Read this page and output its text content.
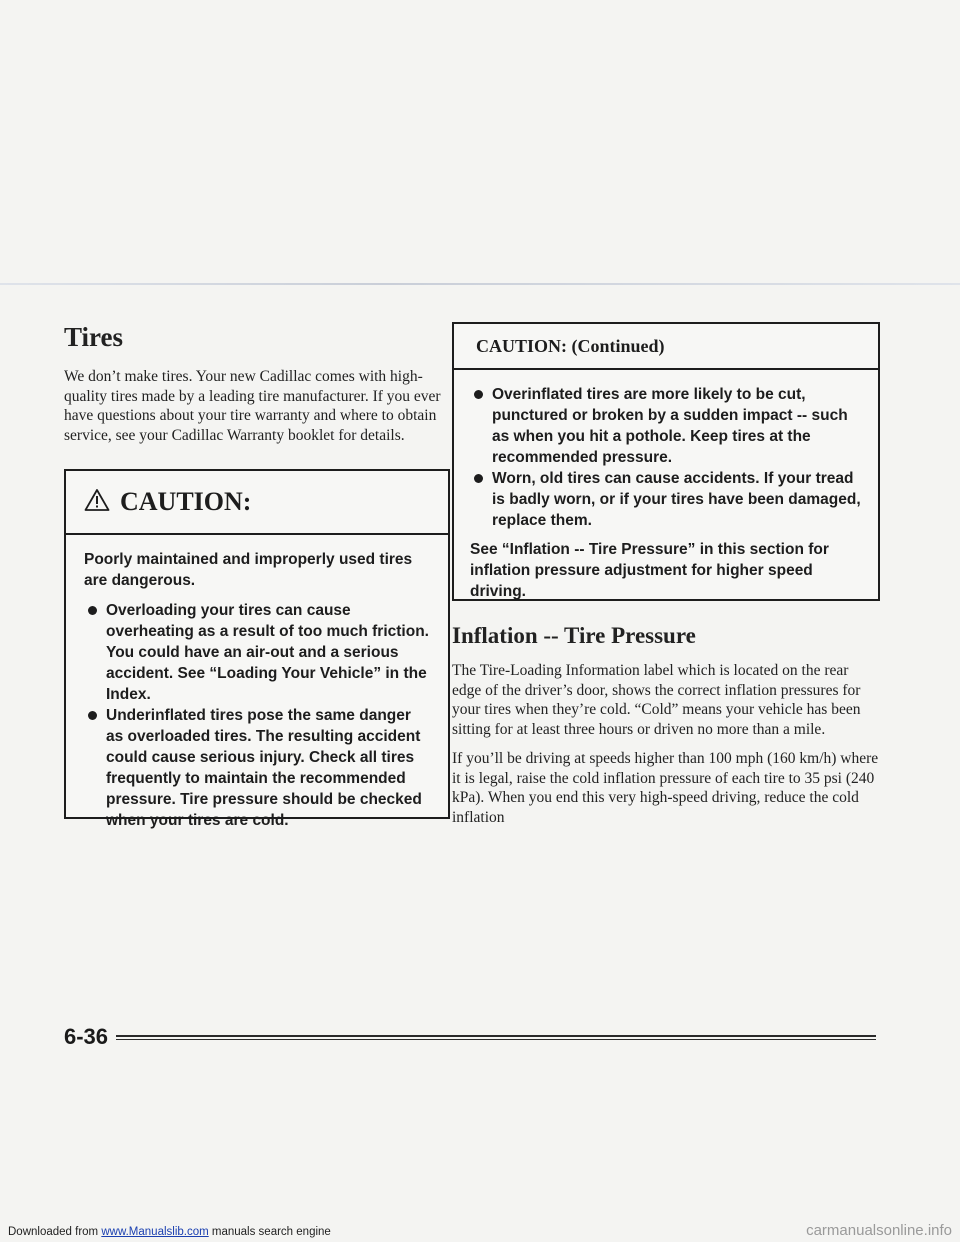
Tires

We don’t make tires. Your new Cadillac comes with high-quality tires made by a leading tire manufacturer. If you ever have questions about your tire warranty and where to obtain service, see your Cadillac Warranty booklet for details.

CAUTION:

Poorly maintained and improperly used tires are dangerous.

Overloading your tires can cause overheating as a result of too much friction. You could have an air-out and a serious accident. See “Loading Your Vehicle” in the Index.
Underinflated tires pose the same danger as overloaded tires. The resulting accident could cause serious injury. Check all tires frequently to maintain the recommended pressure. Tire pressure should be checked when your tires are cold.
CAUTION: (Continued)
Overinflated tires are more likely to be cut, punctured or broken by a sudden impact -- such as when you hit a pothole. Keep tires at the recommended pressure.
Worn, old tires can cause accidents. If your tread is badly worn, or if your tires have been damaged, replace them.

See “Inflation -- Tire Pressure” in this section for inflation pressure adjustment for higher speed driving.

Inflation -- Tire Pressure

The Tire-Loading Information label which is located on the rear edge of the driver’s door, shows the correct inflation pressures for your tires when they’re cold. “Cold” means your vehicle has been sitting for at least three hours or driven no more than a mile.

If you’ll be driving at speeds higher than 100 mph (160 km/h) where it is legal, raise the cold inflation pressure of each tire to 35 psi (240 kPa). When you end this very high-speed driving, reduce the cold inflation

6-36
Downloaded from www.Manualslib.com manuals search engine	carmanualsonline.info
